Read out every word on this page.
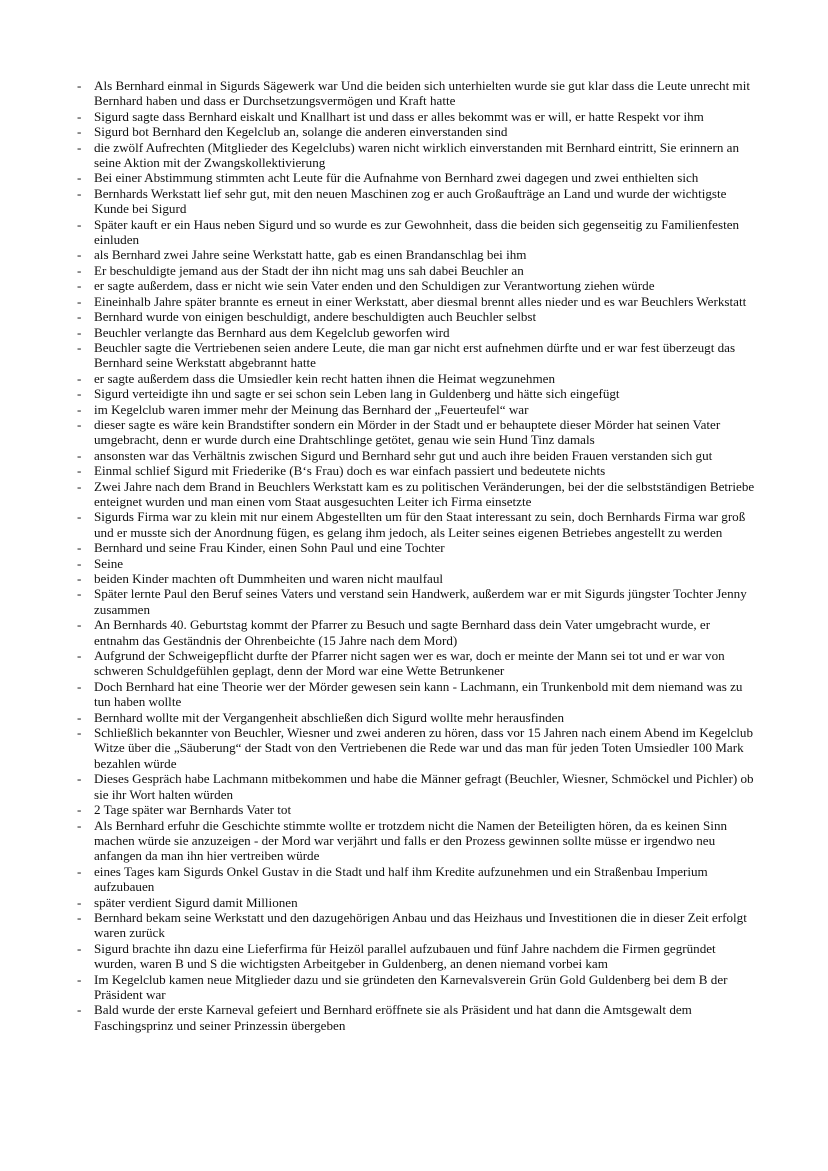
- Als Bernhard einmal in Sigurds Sägewerk war Und die beiden sich unterhielten wurde sie gut klar dass die Leute unrecht mit Bernhard haben und dass er Durchsetzungsvermögen und Kraft hatte
- Sigurd sagte dass Bernhard eiskalt und Knallhart ist und dass er alles bekommt was er will, er hatte Respekt vor ihm
- Sigurd bot Bernhard den Kegelclub an, solange die anderen einverstanden sind
- die zwölf Aufrechten (Mitglieder des Kegelclubs) waren nicht wirklich einverstanden mit Bernhard eintritt, Sie erinnern an seine Aktion mit der Zwangskollektivierung
- Bei einer Abstimmung stimmten acht Leute für die Aufnahme von Bernhard zwei dagegen und zwei enthielten sich
- Bernhards Werkstatt lief sehr gut, mit den neuen Maschinen zog er auch Großaufträge an Land und wurde der wichtigste Kunde bei Sigurd
- Später kauft er ein Haus neben Sigurd und so wurde es zur Gewohnheit, dass die beiden sich gegenseitig zu Familienfesten einluden
- als Bernhard zwei Jahre seine Werkstatt hatte, gab es einen Brandanschlag bei ihm
- Er beschuldigte jemand aus der Stadt der ihn nicht mag uns sah dabei Beuchler an
- er sagte außerdem, dass er nicht wie sein Vater enden und den Schuldigen zur Verantwortung ziehen würde
- Eineinhalb Jahre später brannte es erneut in einer Werkstatt, aber diesmal brennt alles nieder und es war Beuchlers Werkstatt
- Bernhard wurde von einigen beschuldigt, andere beschuldigten auch Beuchler selbst
- Beuchler verlangte das Bernhard aus dem Kegelclub geworfen wird
- Beuchler sagte die Vertriebenen seien andere Leute, die man gar nicht erst aufnehmen dürfte und er war fest überzeugt das Bernhard seine Werkstatt abgebrannt hatte
- er sagte außerdem dass die Umsiedler kein recht hatten ihnen die Heimat wegzunehmen
- Sigurd verteidigte ihn und sagte er sei schon sein Leben lang in Guldenberg und hätte sich eingefügt
- im Kegelclub waren immer mehr der Meinung das Bernhard der „Feuerteufel“ war
- dieser sagte es wäre kein Brandstifter sondern ein Mörder in der Stadt und er behauptete dieser Mörder hat seinen Vater umgebracht, denn er wurde durch eine Drahtschlinge getötet, genau wie sein Hund Tinz damals
- ansonsten war das Verhältnis zwischen Sigurd und Bernhard sehr gut und auch ihre beiden Frauen verstanden sich gut
- Einmal schlief Sigurd mit Friederike (B‘s Frau) doch es war einfach passiert und bedeutete nichts
- Zwei Jahre nach dem Brand in Beuchlers Werkstatt kam es zu politischen Veränderungen, bei der die selbstständigen Betriebe enteignet wurden und man einen vom Staat ausgesuchten Leiter ich Firma einsetzte
- Sigurds Firma war zu klein mit nur einem Abgestellten um für den Staat interessant zu sein, doch Bernhards Firma war groß und er musste sich der Anordnung fügen, es gelang ihm jedoch, als Leiter seines eigenen Betriebes angestellt zu werden
- Bernhard und seine Frau Kinder, einen Sohn Paul und eine Tochter
- Seine
- beiden Kinder machten oft Dummheiten und waren nicht maulfaul
- Später lernte Paul den Beruf seines Vaters und verstand sein Handwerk, außerdem war er mit Sigurds jüngster Tochter Jenny zusammen
- An Bernhards 40. Geburtstag kommt der Pfarrer zu Besuch und sagte Bernhard dass dein Vater umgebracht wurde, er entnahm das Geständnis der Ohrenbeichte (15 Jahre nach dem Mord)
- Aufgrund der Schweigepflicht durfte der Pfarrer nicht sagen wer es war, doch er meinte der Mann sei tot und er war von schweren Schuldgefühlen geplagt, denn der Mord war eine Wette Betrunkener
- Doch Bernhard hat eine Theorie wer der Mörder gewesen sein kann - Lachmann, ein Trunkenbold mit dem niemand was zu tun haben wollte
- Bernhard wollte mit der Vergangenheit abschließen dich Sigurd wollte mehr herausfinden
- Schließlich bekannter von Beuchler, Wiesner und zwei anderen zu hören, dass vor 15 Jahren nach einem Abend im Kegelclub Witze über die „Säuberung“ der Stadt von den Vertriebenen die Rede war und das man für jeden Toten Umsiedler 100 Mark bezahlen würde
- Dieses Gespräch habe Lachmann mitbekommen und habe die Männer gefragt (Beuchler, Wiesner, Schmöckel und Pichler) ob sie ihr Wort halten würden
- 2 Tage später war Bernhards Vater tot
- Als Bernhard erfuhr die Geschichte stimmte wollte er trotzdem nicht die Namen der Beteiligten hören, da es keinen Sinn machen würde sie anzuzeigen - der Mord war verjährt und falls er den Prozess gewinnen sollte müsse er irgendwo neu anfangen da man ihn hier vertreiben würde
- eines Tages kam Sigurds Onkel Gustav in die Stadt und half ihm Kredite aufzunehmen und ein Straßenbau Imperium aufzubauen
- später verdient Sigurd damit Millionen
- Bernhard bekam seine Werkstatt und den dazugehörigen Anbau und das Heizhaus und Investitionen die in dieser Zeit erfolgt waren zurück
- Sigurd brachte ihn dazu eine Lieferfirma für Heizöl parallel aufzubauen und fünf Jahre nachdem die Firmen gegründet wurden, waren B und S die wichtigsten Arbeitgeber in Guldenberg, an denen niemand vorbei kam
- Im Kegelclub kamen neue Mitglieder dazu und sie gründeten den Karnevalsverein Grün Gold Guldenberg bei dem B der Präsident war
- Bald wurde der erste Karneval gefeiert und Bernhard eröffnete sie als Präsident und hat dann die Amtsgewalt dem Faschingsprinz und seiner Prinzessin übergeben
